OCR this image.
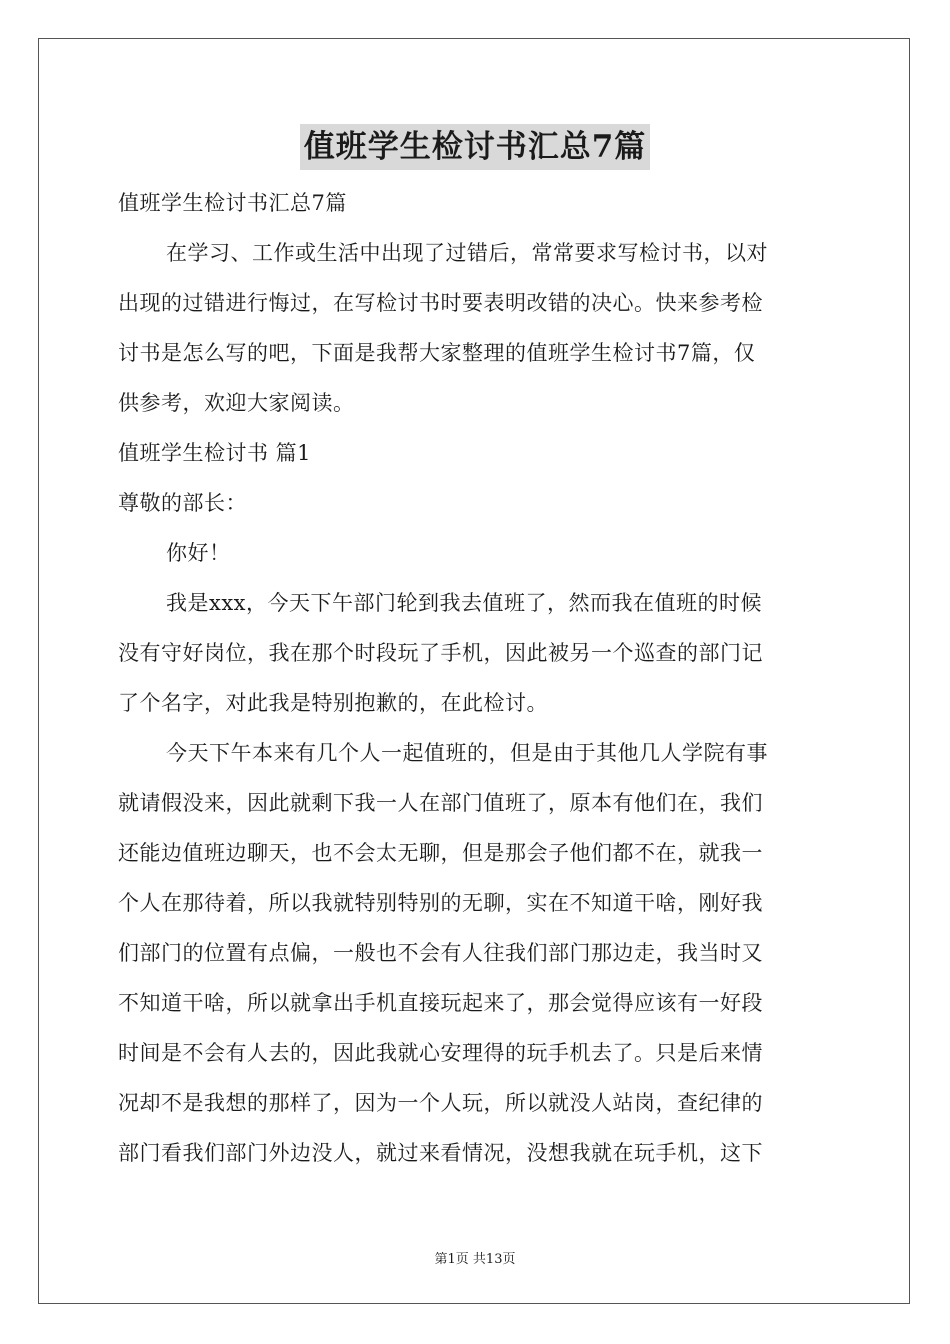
值班学生检讨书汇总7篇
值班学生检讨书汇总7篇
在学习、工作或生活中出现了过错后，常常要求写检讨书，以对
出现的过错进行悔过，在写检讨书时要表明改错的决心。快来参考检
讨书是怎么写的吧，下面是我帮大家整理的值班学生检讨书7篇，仅
供参考，欢迎大家阅读。
值班学生检讨书 篇1
尊敬的部长：
你好！
我是xxx，今天下午部门轮到我去值班了，然而我在值班的时候
没有守好岗位，我在那个时段玩了手机，因此被另一个巡查的部门记
了个名字，对此我是特别抱歉的，在此检讨。
今天下午本来有几个人一起值班的，但是由于其他几人学院有事
就请假没来，因此就剩下我一人在部门值班了，原本有他们在，我们
还能边值班边聊天，也不会太无聊，但是那会子他们都不在，就我一
个人在那待着，所以我就特别特别的无聊，实在不知道干啥，刚好我
们部门的位置有点偏，一般也不会有人往我们部门那边走，我当时又
不知道干啥，所以就拿出手机直接玩起来了，那会觉得应该有一好段
时间是不会有人去的，因此我就心安理得的玩手机去了。只是后来情
况却不是我想的那样了，因为一个人玩，所以就没人站岗，查纪律的
部门看我们部门外边没人，就过来看情况，没想我就在玩手机，这下
第1页 共13页
